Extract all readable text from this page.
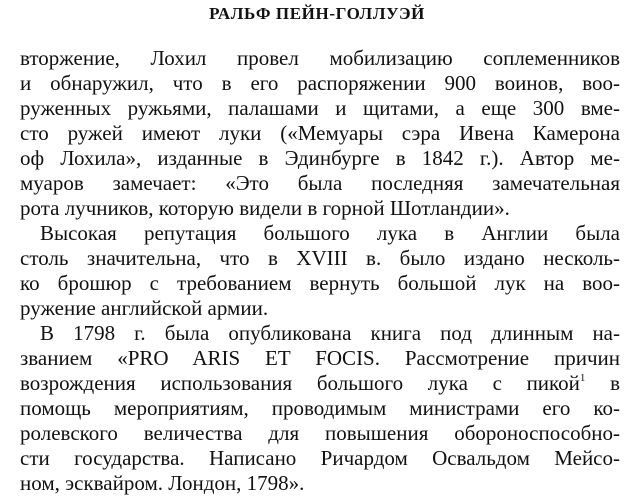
РАЛЬФ ПЕЙН-ГОЛЛУЭЙ
вторжение, Лохил провел мобилизацию соплеменников
и обнаружил, что в его распоряжении 900 воинов, воо-
руженных ружьями, палашами и щитами, а еще 300 вме-
сто ружей имеют луки («Мемуары сэра Ивена Камерона
оф Лохила», изданные в Эдинбурге в 1842 г.). Автор ме-
муаров замечает: «Это была последняя замечательная
рота лучников, которую видели в горной Шотландии».
Высокая репутация большого лука в Англии была
столь значительна, что в XVIII в. было издано несколь-
ко брошюр с требованием вернуть большой лук на воо-
ружение английской армии.
В 1798 г. была опубликована книга под длинным на-
званием «PRO ARIS ET FOCIS. Рассмотрение причин
возрождения использования большого лука с пикой$^1$ в
помощь мероприятиям, проводимым министрами его ко-
ролевского величества для повышения обороноспособно-
сти государства. Написано Ричардом Освальдом Мейсо-
ном, эсквайром. Лондон, 1798».
